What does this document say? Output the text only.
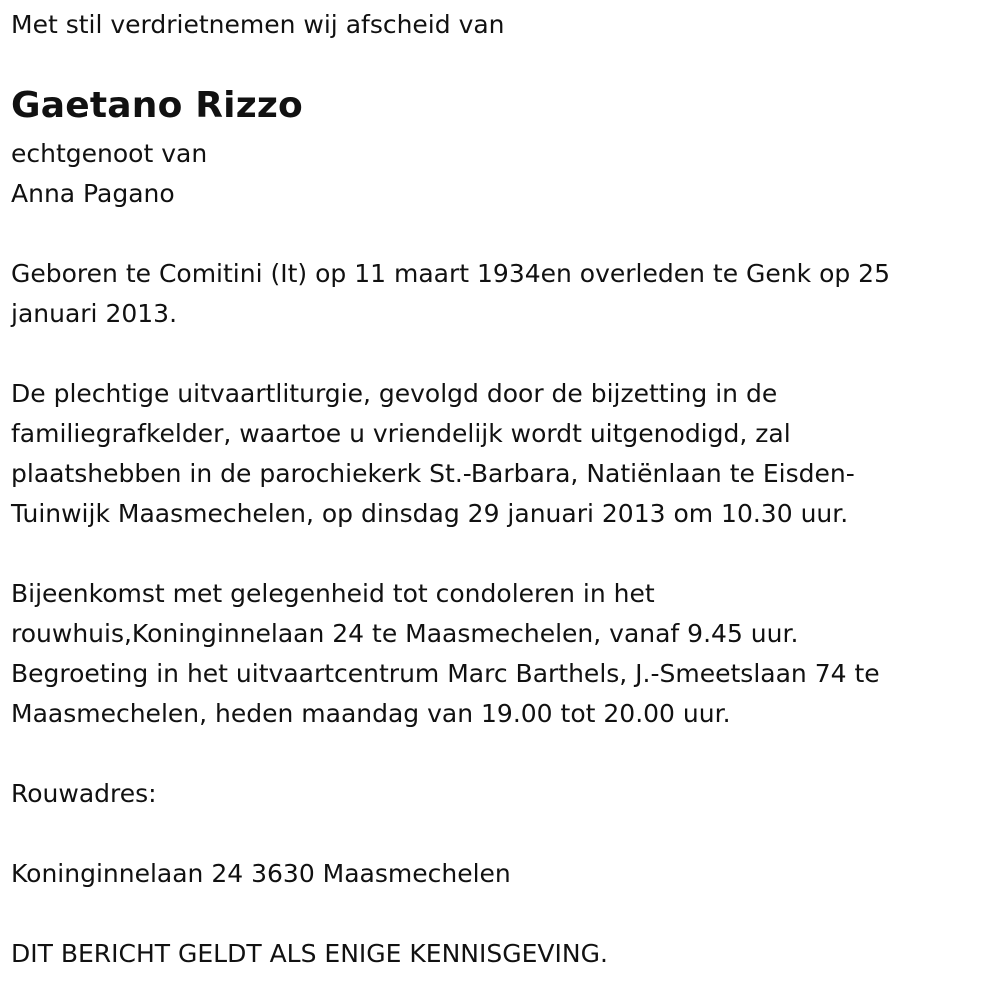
Met stil verdrietnemen wij afscheid van
Gaetano Rizzo
echtgenoot van
Anna Pagano
Geboren te Comitini (It) op 11 maart 1934en overleden te Genk op 25
januari 2013.
De plechtige uitvaartliturgie, gevolgd door de bijzetting in de
familiegrafkelder, waartoe u vriendelijk wordt uitgenodigd, zal
plaatshebben in de parochiekerk St.-Barbara, Natiënlaan te Eisden-
Tuinwijk Maasmechelen, op dinsdag 29 januari 2013 om 10.30 uur.
Bijeenkomst met gelegenheid tot condoleren in het
rouwhuis,Koninginnelaan 24 te Maasmechelen, vanaf 9.45 uur.
Begroeting in het uitvaartcentrum Marc Barthels, J.-Smeetslaan 74 te
Maasmechelen, heden maandag van 19.00 tot 20.00 uur.
Rouwadres:
Koninginnelaan 24 3630 Maasmechelen
DIT BERICHT GELDT ALS ENIGE KENNISGEVING.
